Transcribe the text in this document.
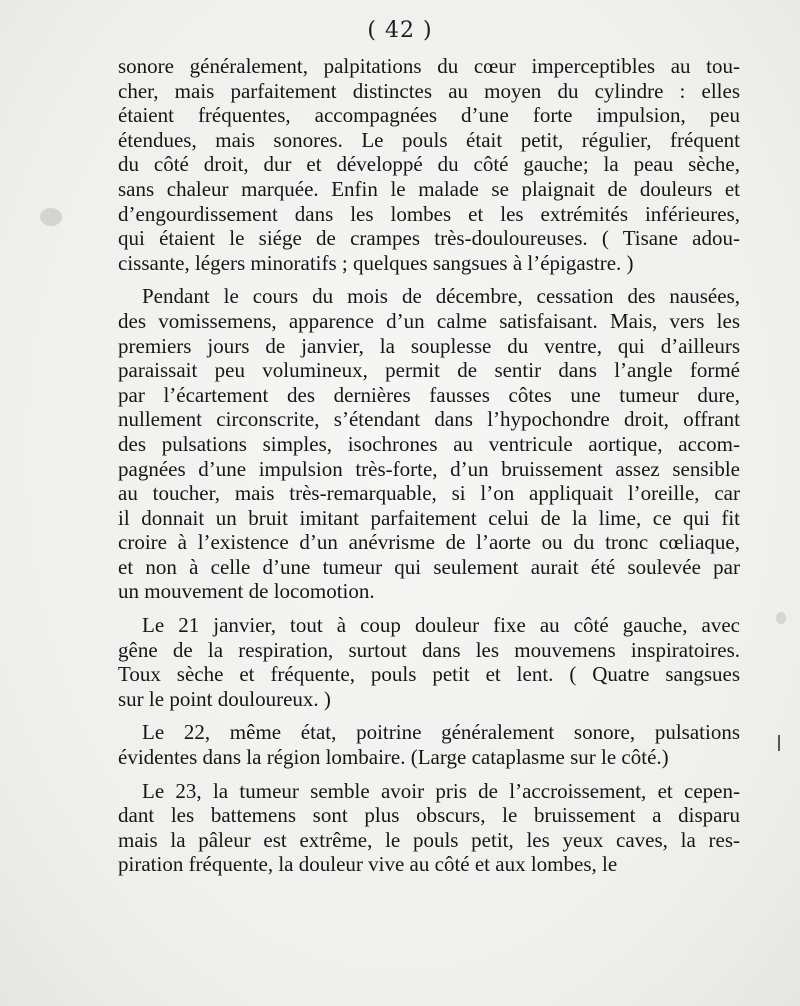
( 42 )
sonore généralement, palpitations du cœur imperceptibles au tou-
cher, mais parfaitement distinctes au moyen du cylindre : elles
étaient fréquentes, accompagnées d’une forte impulsion, peu
étendues, mais sonores. Le pouls était petit, régulier, fréquent
du côté droit, dur et développé du côté gauche; la peau sèche,
sans chaleur marquée. Enfin le malade se plaignait de douleurs et
d’engourdissement dans les lombes et les extrémités inférieures,
qui étaient le siége de crampes très-douloureuses. ( Tisane adou-
cissante, légers minoratifs ; quelques sangsues à l’épigastre. )
Pendant le cours du mois de décembre, cessation des nausées,
des vomissemens, apparence d’un calme satisfaisant. Mais, vers les
premiers jours de janvier, la souplesse du ventre, qui d’ailleurs
paraissait peu volumineux, permit de sentir dans l’angle formé
par l’écartement des dernières fausses côtes une tumeur dure,
nullement circonscrite, s’étendant dans l’hypochondre droit, offrant
des pulsations simples, isochrones au ventricule aortique, accom-
pagnées d’une impulsion très-forte, d’un bruissement assez sensible
au toucher, mais très-remarquable, si l’on appliquait l’oreille, car
il donnait un bruit imitant parfaitement celui de la lime, ce qui fit
croire à l’existence d’un anévrisme de l’aorte ou du tronc cœliaque,
et non à celle d’une tumeur qui seulement aurait été soulevée par
un mouvement de locomotion.
Le 21 janvier, tout à coup douleur fixe au côté gauche, avec
gêne de la respiration, surtout dans les mouvemens inspiratoires.
Toux sèche et fréquente, pouls petit et lent. ( Quatre sangsues
sur le point douloureux. )
Le 22, même état, poitrine généralement sonore, pulsations
évidentes dans la région lombaire. (Large cataplasme sur le côté.)
Le 23, la tumeur semble avoir pris de l’accroissement, et cepen-
dant les battemens sont plus obscurs, le bruissement a disparu
mais la pâleur est extrême, le pouls petit, les yeux caves, la res-
piration fréquente, la douleur vive au côté et aux lombes, le
